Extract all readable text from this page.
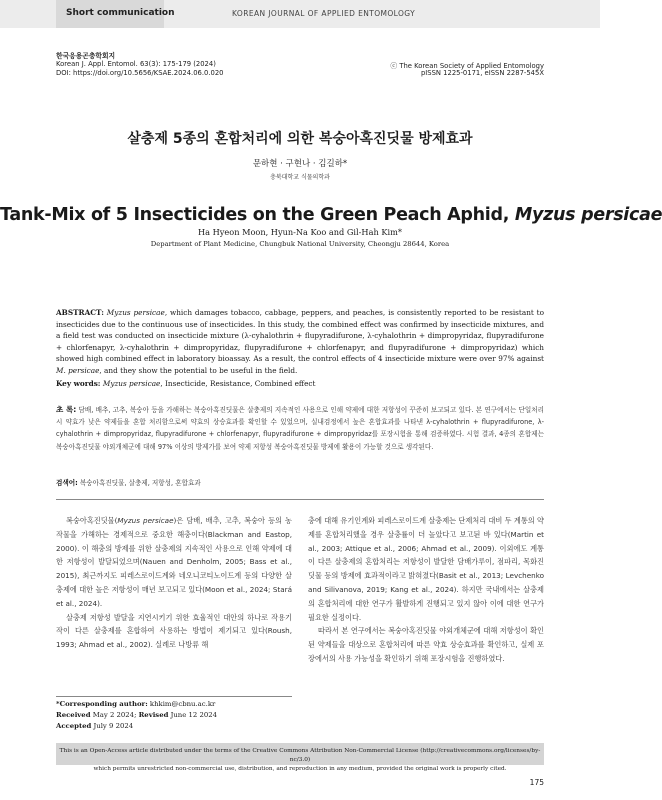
Short communication	KOREAN JOURNAL OF APPLIED ENTOMOLOGY
한국응용곤충학회지
Korean J. Appl. Entomol. 63(3): 175-179 (2024)
DOI: https://doi.org/10.5656/KSAE.2024.06.0.020
ⓒ The Korean Society of Applied Entomology
pISSN 1225-0171, eISSN 2287-545X
살충제 5종의 혼합처리에 의한 복숭아혹진딧물 방제효과
문하현 · 구현나 · 김길하*
충북대학교 식물의학과
Tank-Mix of 5 Insecticides on the Green Peach Aphid, Myzus persicae
Ha Hyeon Moon, Hyun-Na Koo and Gil-Hah Kim*
Department of Plant Medicine, Chungbuk National University, Cheongju 28644, Korea
ABSTRACT: Myzus persicae, which damages tobacco, cabbage, peppers, and peaches, is consistently reported to be resistant to insecticides due to the continuous use of insecticides. In this study, the combined effect was confirmed by insecticide mixtures, and a field test was conducted on insecticide mixture (λ-cyhalothrin + flupyradifurone, λ-cyhalothrin + dimpropyridaz, flupyradifurone + chlorfenapyr, λ-cyhalothrin + dimpropyridaz, flupyradifurone + chlorfenapyr, and flupyradifurone + dimpropyridaz) which showed high combined effect in laboratory bioassay. As a result, the control effects of 4 insecticide mixture were over 97% against M. persicae, and they show the potential to be useful in the field.
Key words: Myzus persicae, Insecticide, Resistance, Combined effect
초 록: 담배, 배추, 고추, 복숭아 등을 가해하는 복숭아혹진딧물은 살충제의 지속적인 사용으로 인해 약제에 대한 저항성이 꾸준히 보고되고 있다. 본 연구에서는 단일처리시 약효가 낮은 약제들을 혼합 처리함으로써 약효의 상승효과를 확인할 수 있었으며, 실내검정에서 높은 혼합효과를 나타낸 λ-cyhalothrin + flupyradifurone, λ-cyhalothrin + dimpropyridaz, flupyradifurone + chlorfenapyr, flupyradifurone + dimpropyridaz를 포장시험을 통해 검증하였다. 시험 결과, 4종의 혼합제는 복숭아혹진딧물 야외개체군에 대해 97% 이상의 방제가를 보여 약제 저항성 복숭아혹진딧물 방제에 활용이 가능할 것으로 생각된다.
검색어: 복숭아혹진딧물, 살충제, 저항성, 혼합효과

복숭아혹진딧물(Myzus persicae)은 담배, 배추, 고추, 복숭아 등의 농작물을 가해하는 경제적으로 중요한 해충이다(Blackman and Eastop, 2000). 이 해충의 방제를 위한 살충제의 지속적인 사용으로 인해 약제에 대한 저항성이 발달되었으며(Nauen and Denholm, 2005; Bass et al., 2015), 최근까지도 피레스로이드계와 네오니코티노이드계 등의 다양한 살충제에 대한 높은 저항성이 매년 보고되고 있다(Moon et al., 2024; Stará et al., 2024).

살충제 저항성 발달을 지연시키기 위한 효율적인 대안의 하나로 작용기작이 다른 살충제를 혼합하여 사용하는 방법이 제기되고 있다(Roush, 1993; Ahmad et al., 2002). 실례로 나방류 해

충에 대해 유기인계와 피레스로이드계 살충제는 단제처리 대비 두 계통의 약제를 혼합처리했을 경우 살충률이 더 높았다고 보고된 바 있다(Martin et al., 2003; Attique et al., 2006; Ahmad et al., 2009). 이외에도 계통이 다른 살충제의 혼합처리는 저항성이 발달한 담배가루이, 점파리, 목화진딧물 등의 방제에 효과적이라고 밝혀졌다(Basit et al., 2013; Levchenko and Silivanova, 2019; Kang et al., 2024). 하지만 국내에서는 살충제의 혼합처리에 대한 연구가 활발하게 진행되고 있지 않아 이에 대한 연구가 필요한 실정이다.

따라서 본 연구에서는 복숭아혹진딧물 야외개체군에 대해 저항성이 확인된 약제들을 대상으로 혼합처리에 따른 약효 상승효과를 확인하고, 실제 포장에서의 사용 가능성을 확인하기 위해 포장시험을 진행하였다.

*Corresponding author: khkim@cbnu.ac.kr
Received May 2 2024; Revised June 12 2024
Accepted July 9 2024
This is an Open-Access article distributed under the terms of the Creative Commons Attribution Non-Commercial License (http://creativecommons.org/licenses/by-nc/3.0)
which permits unrestricted non-commercial use, distribution, and reproduction in any medium, provided the original work is properly cited.
175
